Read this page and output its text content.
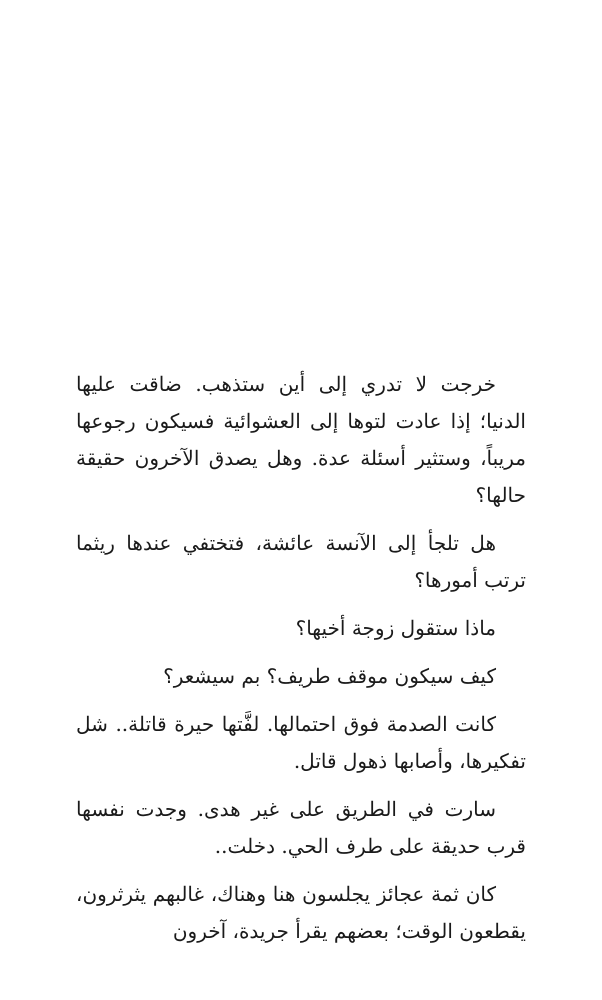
خرجت لا تدري إلى أين ستذهب. ضاقت عليها الدنيا؛ إذا عادت لتوها إلى العشوائية فسيكون رجوعها مريباً، وستثير أسئلة عدة. وهل يصدق الآخرون حقيقة حالها؟

هل تلجأ إلى الآنسة عائشة، فتختفي عندها ريثما ترتب أمورها؟

ماذا ستقول زوجة أخيها؟

كيف سيكون موقف طريف؟ بم سيشعر؟

كانت الصدمة فوق احتمالها. لفَّتها حيرة قاتلة.. شل تفكيرها، وأصابها ذهول قاتل.

سارت في الطريق على غير هدى. وجدت نفسها قرب حديقة على طرف الحي. دخلت..

كان ثمة عجائز يجلسون هنا وهناك، غالبهم يثرثرون، يقطعون الوقت؛ بعضهم يقرأ جريدة، آخرون
